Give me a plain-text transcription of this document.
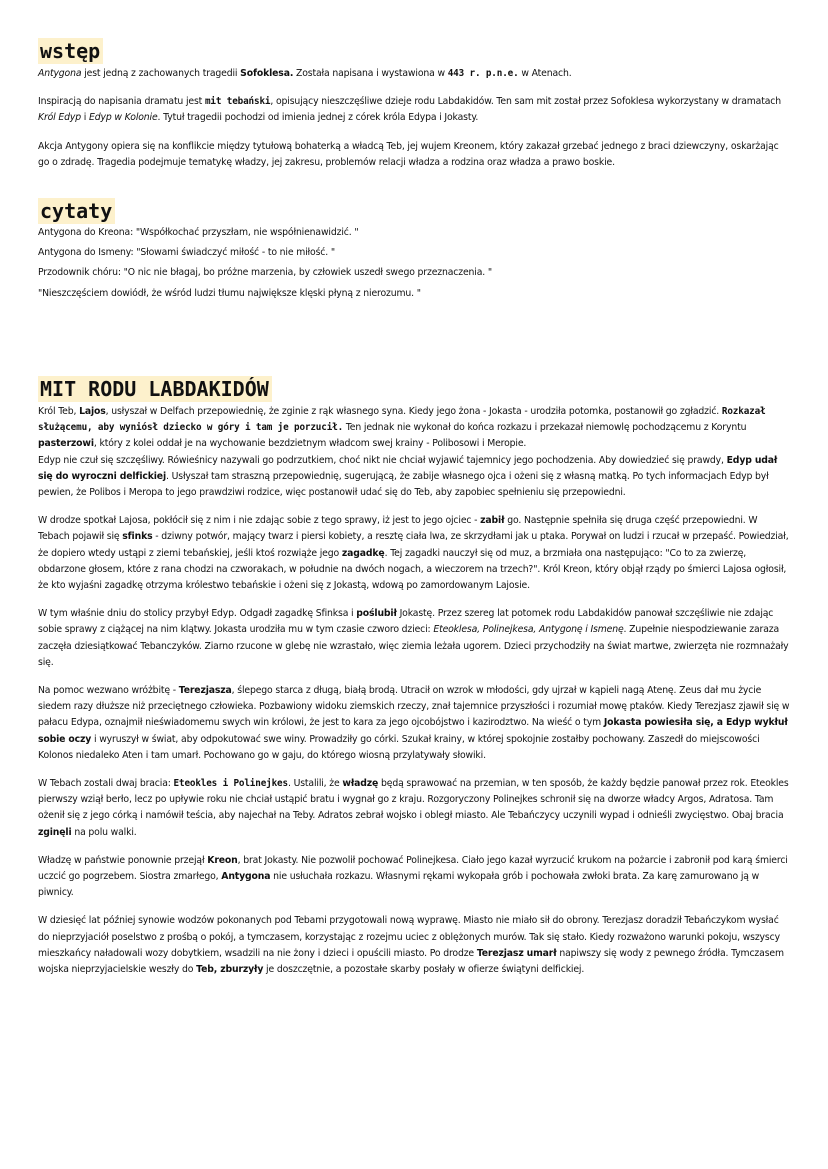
wstęp

Antygona jest jedną z zachowanych tragedii Sofoklesa. Została napisana i wystawiona w 443 r. p.n.e. w Atenach.

Inspiracją do napisania dramatu jest mit tebański, opisujący nieszczęśliwe dzieje rodu Labdakidów. Ten sam mit został przez Sofoklesa wykorzystany w dramatach Król Edyp i Edyp w Kolonie. Tytuł tragedii pochodzi od imienia jednej z córek króla Edypa i Jokasty.

Akcja Antygony opiera się na konflikcie między tytułową bohaterką a władcą Teb, jej wujem Kreonem, który zakazał grzebać jednego z braci dziewczyny, oskarżając go o zdradę. Tragedia podejmuje tematykę władzy, jej zakresu, problemów relacji władza a rodzina oraz władza a prawo boskie.

cytaty

Antygona do Kreona: "Współkochać przyszłam, nie współnienawidzić. "

Antygona do Ismeny: "Słowami świadczyć miłość - to nie miłość. "

Przodownik chóru: "O nic nie błagaj, bo próżne marzenia, by człowiek uszedł swego przeznaczenia. "

"Nieszczęściem dowiódł, że wśród ludzi tłumu największe klęski płyną z nierozumu. "

MIT RODU LABDAKIDÓW

Król Teb, Lajos, usłyszał w Delfach przepowiednię, że zginie z rąk własnego syna. Kiedy jego żona - Jokasta - urodziła potomka, postanowił go zgładzić. Rozkazał służącemu, aby wyniósł dziecko w góry i tam je porzucił. Ten jednak nie wykonał do końca rozkazu i przekazał niemowlę pochodzącemu z Koryntu pasterzowi, który z kolei oddał je na wychowanie bezdzietnym władcom swej krainy - Polibosowi i Meropie.

Edyp nie czuł się szczęśliwy. Rówieśnicy nazywali go podrzutkiem, choć nikt nie chciał wyjawić tajemnicy jego pochodzenia. Aby dowiedzieć się prawdy, Edyp udał się do wyroczni delfickiej. Usłyszał tam straszną przepowiednię, sugerującą, że zabije własnego ojca i ożeni się z własną matką. Po tych informacjach Edyp był pewien, że Polibos i Meropa to jego prawdziwi rodzice, więc postanowił udać się do Teb, aby zapobiec spełnieniu się przepowiedni.

W drodze spotkał Lajosa, pokłócił się z nim i nie zdając sobie z tego sprawy, iż jest to jego ojciec - zabił go. Następnie spełniła się druga część przepowiedni. W Tebach pojawił się sfinks - dziwny potwór, mający twarz i piersi kobiety, a resztę ciała lwa, ze skrzydłami jak u ptaka. Porywał on ludzi i rzucał w przepaść. Powiedział, że dopiero wtedy ustąpi z ziemi tebańskiej, jeśli ktoś rozwiąże jego zagadkę. Tej zagadki nauczył się od muz, a brzmiała ona następująco: "Co to za zwierzę, obdarzone głosem, które z rana chodzi na czworakach, w południe na dwóch nogach, a wieczorem na trzech?". Król Kreon, który objął rządy po śmierci Lajosa ogłosił, że kto wyjaśni zagadkę otrzyma królestwo tebańskie i ożeni się z Jokastą, wdową po zamordowanym Lajosie.

W tym właśnie dniu do stolicy przybył Edyp. Odgadł zagadkę Sfinksa i poślubił Jokastę. Przez szereg lat potomek rodu Labdakidów panował szczęśliwie nie zdając sobie sprawy z ciążącej na nim klątwy. Jokasta urodziła mu w tym czasie czworo dzieci: Eteoklesa, Polinejkesa, Antygonę i Ismenę. Zupełnie niespodziewanie zaraza zaczęła dziesiątkować Tebanczyków. Ziarno rzucone w glebę nie wzrastało, więc ziemia leżała ugorem. Dzieci przychodziły na świat martwe, zwierzęta nie rozmnażały się.

Na pomoc wezwano wróżbitę - Terezjasza, ślepego starca z długą, białą brodą. Utracił on wzrok w młodości, gdy ujrzał w kąpieli nagą Atenę. Zeus dał mu życie siedem razy dłuższe niż przeciętnego człowieka. Pozbawiony widoku ziemskich rzeczy, znał tajemnice przyszłości i rozumiał mowę ptaków. Kiedy Terezjasz zjawił się w pałacu Edypa, oznajmił nieświadomemu swych win królowi, że jest to kara za jego ojcobójstwo i kazirodztwo. Na wieść o tym Jokasta powiesiła się, a Edyp wykłuł sobie oczy i wyruszył w świat, aby odpokutować swe winy. Prowadziły go córki. Szukał krainy, w której spokojnie zostałby pochowany. Zaszedł do miejscowości Kolonos niedaleko Aten i tam umarł. Pochowano go w gaju, do którego wiosną przylatywały słowiki.

W Tebach zostali dwaj bracia: Eteokles i Polinejkes. Ustalili, że władzę będą sprawować na przemian, w ten sposób, że każdy będzie panował przez rok. Eteokles pierwszy wziął berło, lecz po upływie roku nie chciał ustąpić bratu i wygnał go z kraju. Rozgoryczony Polinejkes schronił się na dworze władcy Argos, Adratosa. Tam ożenił się z jego córką i namówił teścia, aby najechał na Teby. Adratos zebrał wojsko i obległ miasto. Ale Tebańczycy uczynili wypad i odnieśli zwycięstwo. Obaj bracia zginęli na polu walki.

Władzę w państwie ponownie przejął Kreon, brat Jokasty. Nie pozwolił pochować Polinejkesa. Ciało jego kazał wyrzucić krukom na pożarcie i zabronił pod karą śmierci uczcić go pogrzebem. Siostra zmarłego, Antygona nie usłuchała rozkazu. Własnymi rękami wykopała grób i pochowała zwłoki brata. Za karę zamurowano ją w piwnicy.

W dziesięć lat później synowie wodzów pokonanych pod Tebami przygotowali nową wyprawę. Miasto nie miało sił do obrony. Terezjasz doradził Tebańczykom wysłać do nieprzyjaciół poselstwo z prośbą o pokój, a tymczasem, korzystając z rozejmu uciec z oblężonych murów. Tak się stało. Kiedy rozważono warunki pokoju, wszyscy mieszkańcy naładowali wozy dobytkiem, wsadzili na nie żony i dzieci i opuścili miasto. Po drodze Terezjasz umarł napiwszy się wody z pewnego źródła. Tymczasem wojska nieprzyjacielskie weszły do Teb, zburzyły je doszczętnie, a pozostałe skarby posłały w ofierze świątyni delfickiej.
